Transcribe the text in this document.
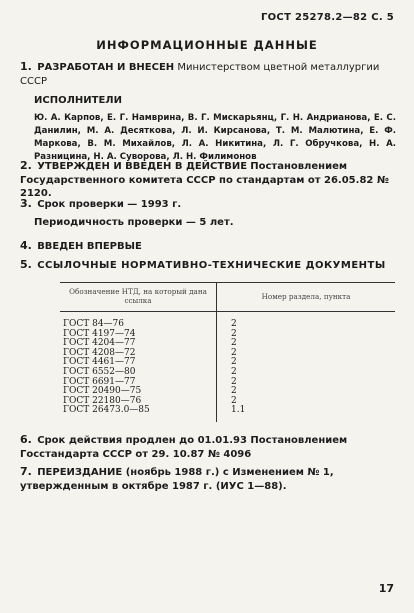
ГОСТ 25278.2—82 С. 5
ИНФОРМАЦИОННЫЕ ДАННЫЕ
1. РАЗРАБОТАН И ВНЕСЕН Министерством цветной металлургии СССР
ИСПОЛНИТЕЛИ
Ю. А. Карпов, Е. Г. Намврина, В. Г. Мискарьянц, Г. Н. Андрианова, Е. С. Данилин, М. А. Десяткова, Л. И. Кирсанова, Т. М. Малютина, Е. Ф. Маркова, В. М. Михайлов, Л. А. Никитина, Л. Г. Обручкова, Н. А. Разницина, Н. А. Суворова, Л. Н. Филимонов
2. УТВЕРЖДЕН И ВВЕДЕН В ДЕЙСТВИЕ Постановлением Государственного комитета СССР по стандартам от 26.05.82 № 2120.
3. Срок проверки — 1993 г.
Периодичность проверки — 5 лет.
4. ВВЕДЕН ВПЕРВЫЕ
5. ССЫЛОЧНЫЕ НОРМАТИВНО-ТЕХНИЧЕСКИЕ ДОКУМЕНТЫ
Обозначение НТД, на который дана ссылка	Номер раздела, пункта
ГОСТ 84—76	2
ГОСТ 4197—74	2
ГОСТ 4204—77	2
ГОСТ 4208—72	2
ГОСТ 4461—77	2
ГОСТ 6552—80	2
ГОСТ 6691—77	2
ГОСТ 20490—75	2
ГОСТ 22180—76	2
ГОСТ 26473.0—85	1.1
6. Срок действия продлен до 01.01.93 Постановлением Госстандарта СССР от 29. 10.87 № 4096
7. ПЕРЕИЗДАНИЕ (ноябрь 1988 г.) с Изменением № 1, утвержденным в октябре 1987 г. (ИУС 1—88).
17
